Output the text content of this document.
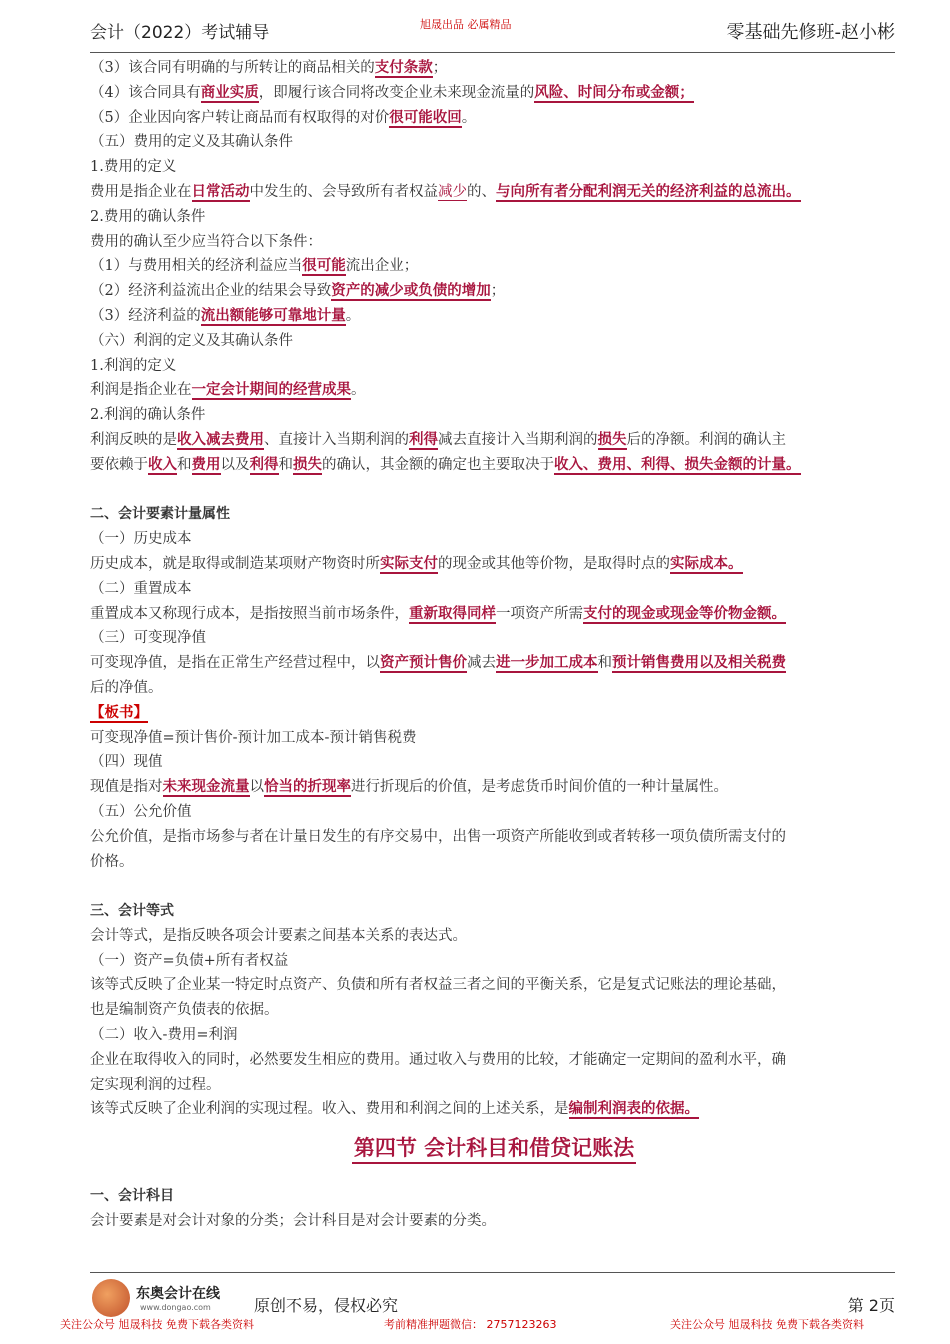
会计（2022）考试辅导	旭晟出品 必属精品	零基础先修班-赵小彬

（3）该合同有明确的与所转让的商品相关的支付条款；

（4）该合同具有商业实质，即履行该合同将改变企业未来现金流量的风险、时间分布或金额；

（5）企业因向客户转让商品而有权取得的对价很可能收回。

（五）费用的定义及其确认条件

1.费用的定义

费用是指企业在日常活动中发生的、会导致所有者权益减少的、与向所有者分配利润无关的经济利益的总流出。

2.费用的确认条件

费用的确认至少应当符合以下条件：

（1）与费用相关的经济利益应当很可能流出企业；

（2）经济利益流出企业的结果会导致资产的减少或负债的增加；

（3）经济利益的流出额能够可靠地计量。

（六）利润的定义及其确认条件

1.利润的定义

利润是指企业在一定会计期间的经营成果。

2.利润的确认条件

利润反映的是收入减去费用、直接计入当期利润的利得减去直接计入当期利润的损失后的净额。利润的确认主

要依赖于收入和费用以及利得和损失的确认，其金额的确定也主要取决于收入、费用、利得、损失金额的计量。

二、会计要素计量属性

（一）历史成本

历史成本，就是取得或制造某项财产物资时所实际支付的现金或其他等价物，是取得时点的实际成本。

（二）重置成本

重置成本又称现行成本，是指按照当前市场条件，重新取得同样一项资产所需支付的现金或现金等价物金额。

（三）可变现净值

可变现净值，是指在正常生产经营过程中，以资产预计售价减去进一步加工成本和预计销售费用以及相关税费

后的净值。

【板书】

可变现净值=预计售价-预计加工成本-预计销售税费

（四）现值

现值是指对未来现金流量以恰当的折现率进行折现后的价值，是考虑货币时间价值的一种计量属性。

（五）公允价值

公允价值，是指市场参与者在计量日发生的有序交易中，出售一项资产所能收到或者转移一项负债所需支付的

价格。

三、会计等式

会计等式，是指反映各项会计要素之间基本关系的表达式。

（一）资产=负债+所有者权益

该等式反映了企业某一特定时点资产、负债和所有者权益三者之间的平衡关系，它是复式记账法的理论基础，

也是编制资产负债表的依据。

（二）收入-费用=利润

企业在取得收入的同时，必然要发生相应的费用。通过收入与费用的比较，才能确定一定期间的盈利水平，确

定实现利润的过程。

该等式反映了企业利润的实现过程。收入、费用和利润之间的上述关系，是编制利润表的依据。

第四节 会计科目和借贷记账法

一、会计科目

会计要素是对会计对象的分类；会计科目是对会计要素的分类。

东奥会计在线
www.dongao.com	原创不易，侵权必究	第 2页
关注公众号 旭晟科技 免费下载各类资料	考前精准押题微信： 2757123263	关注公众号 旭晟科技 免费下载各类资料
